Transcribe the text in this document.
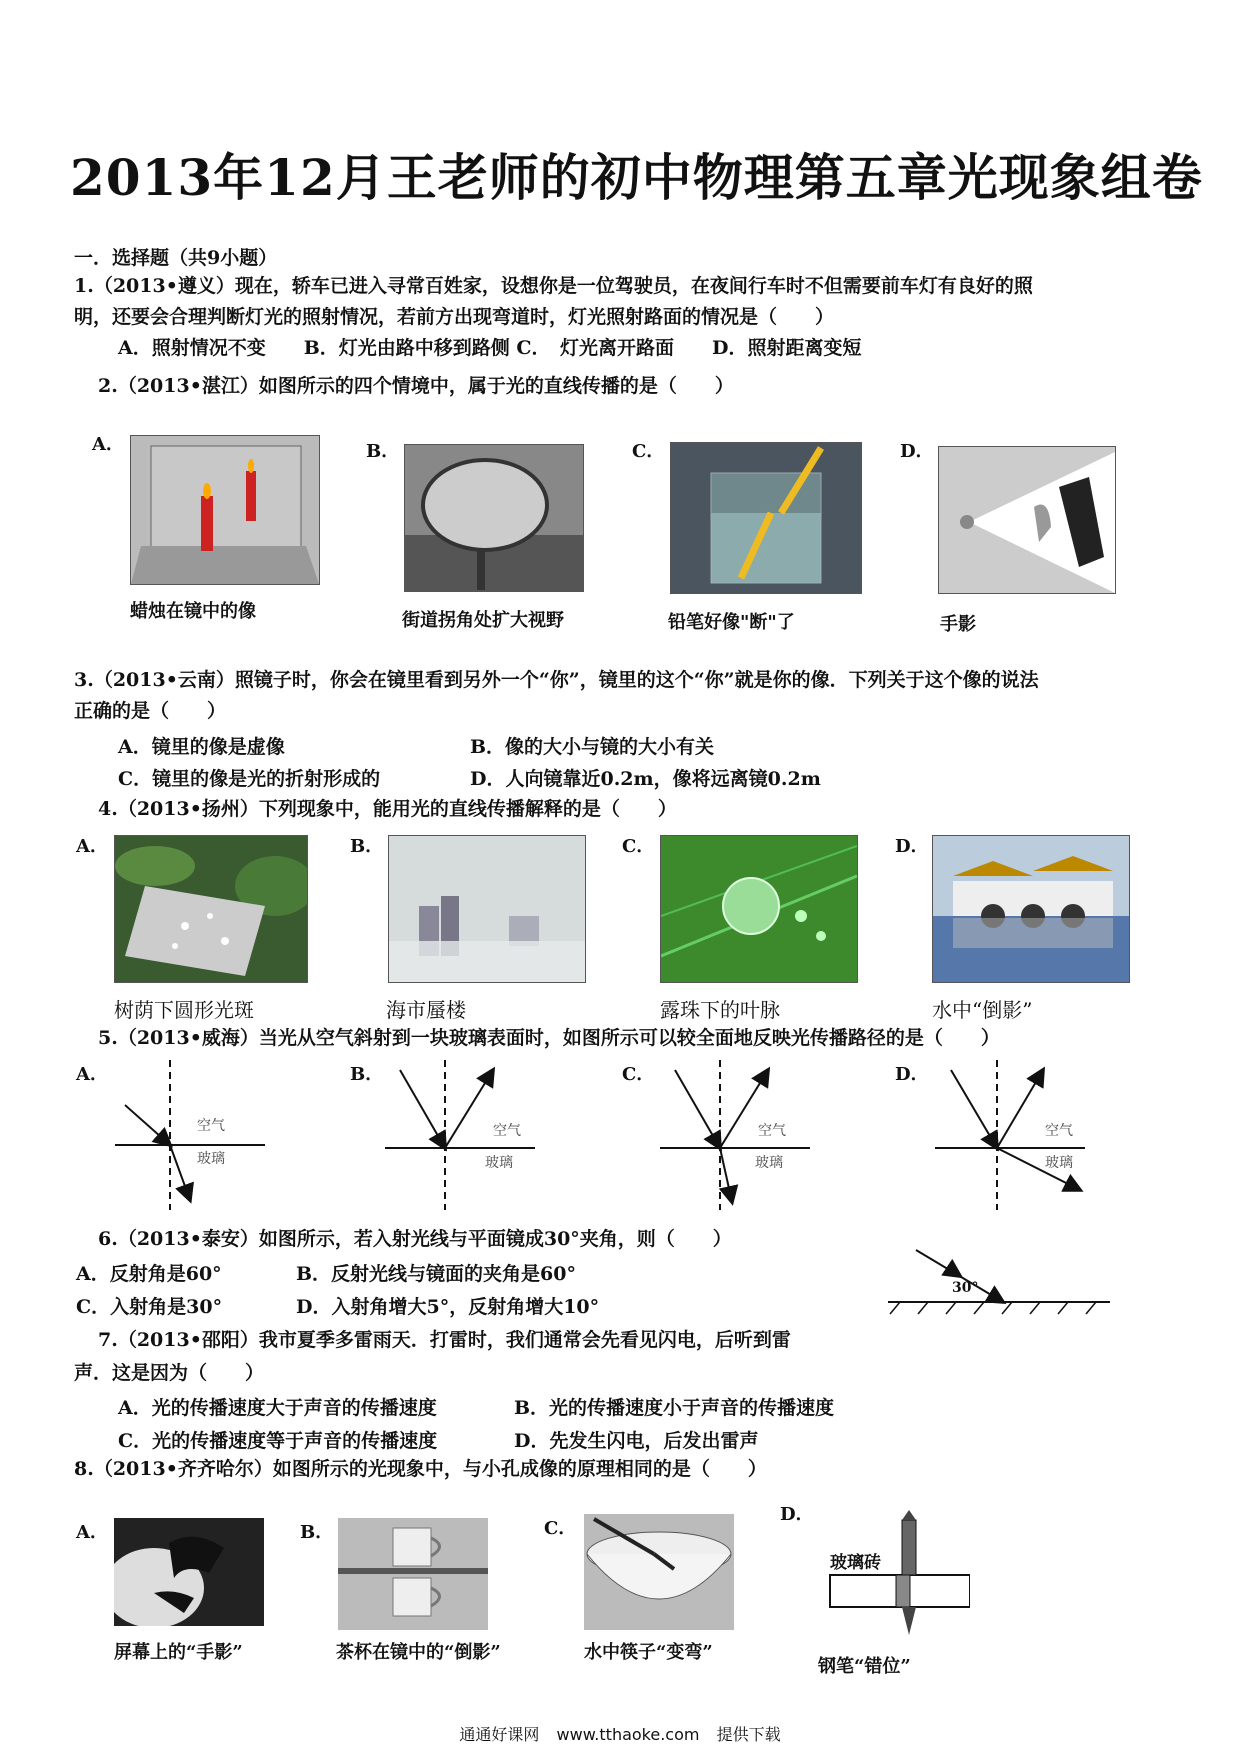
2013年12月王老师的初中物理第五章光现象组卷
一．选择题（共9小题）
1.（2013•遵义）现在，轿车已进入寻常百姓家，设想你是一位驾驶员，在夜间行车时不但需要前车灯有良好的照
明，还要会合理判断灯光的照射情况，若前方出现弯道时，灯光照射路面的情况是（　　）
A．照射情况不变　　B．灯光由路中移到路侧 C．　灯光离开路面　　D．照射距离变短
2.（2013•湛江）如图所示的四个情境中，属于光的直线传播的是（　　）
A．	B．	C．	D．
蜡烛在镜中的像	街道拐角处扩大视野	铅笔好像"断"了	手影
3.（2013•云南）照镜子时，你会在镜里看到另外一个“你”，镜里的这个“你”就是你的像．下列关于这个像的说法
正确的是（　　）
A．镜里的像是虚像	B．像的大小与镜的大小有关
C．镜里的像是光的折射形成的	D．人向镜靠近0.2m，像将远离镜0.2m
4.（2013•扬州）下列现象中，能用光的直线传播解释的是（　　）
A．	B．	C．	D．
树荫下圆形光斑	海市蜃楼	露珠下的叶脉	水中“倒影”
5.（2013•威海）当光从空气斜射到一块玻璃表面时，如图所示可以较全面地反映光传播路径的是（　　）
A．	B．	C．	D．
空气
玻璃
空气
玻璃
空气
玻璃
空气
玻璃
6.（2013•泰安）如图所示，若入射光线与平面镜成30°夹角，则（　　）
A．反射角是60°	B．反射光线与镜面的夹角是60°
C．入射角是30°	D．入射角增大5°，反射角增大10°
30°
7.（2013•邵阳）我市夏季多雷雨天．打雷时，我们通常会先看见闪电，后听到雷
声．这是因为（　　）
A．光的传播速度大于声音的传播速度	B．光的传播速度小于声音的传播速度
C．光的传播速度等于声音的传播速度	D．先发生闪电，后发出雷声
8.（2013•齐齐哈尔）如图所示的光现象中，与小孔成像的原理相同的是（　　）
A．	B．	C．
D．
玻璃砖
屏幕上的“手影”	茶杯在镜中的“倒影”	水中筷子“变弯”
钢笔“错位”
通通好课网 www.tthaoke.com 提供下载
